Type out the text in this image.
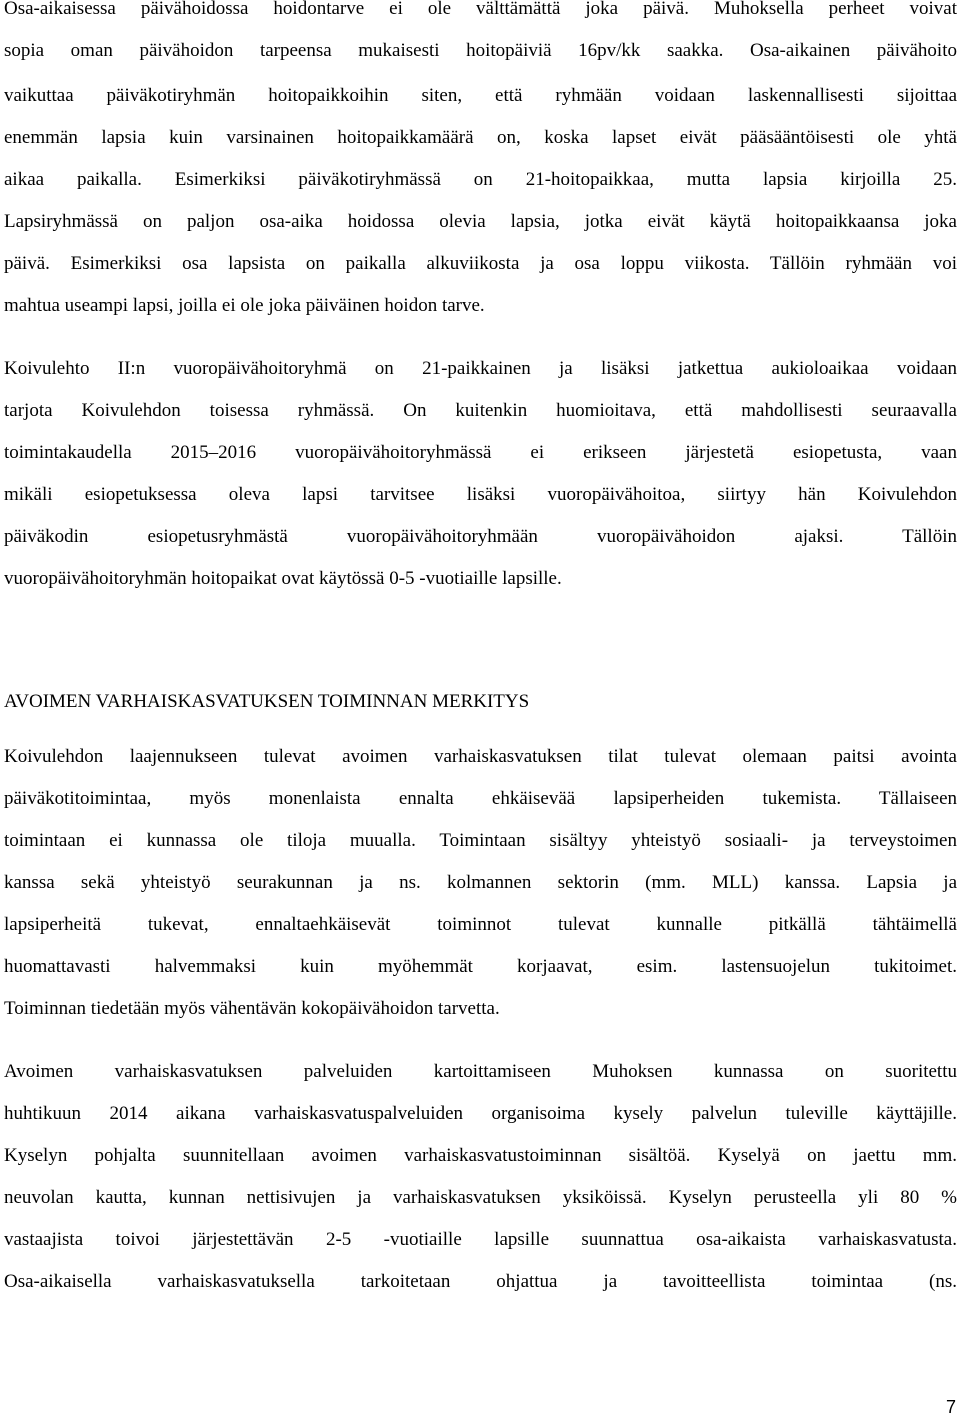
Osa-aikaisessa päivähoidossa hoidontarve ei ole välttämättä joka päivä. Muhoksella perheet voivat
sopia oman päivähoidon tarpeensa mukaisesti hoitopäiviä 16pv/kk saakka. Osa-aikainen päivähoito
vaikuttaa päiväkotiryhmän hoitopaikkoihin siten, että ryhmään voidaan laskennallisesti sijoittaa
enemmän lapsia kuin varsinainen hoitopaikkamäärä on, koska lapset eivät pääsääntöisesti ole yhtä
aikaa paikalla. Esimerkiksi päiväkotiryhmässä on 21-hoitopaikkaa, mutta lapsia kirjoilla 25.
Lapsiryhmässä on paljon osa-aika hoidossa olevia lapsia, jotka eivät käytä hoitopaikkaansa joka
päivä. Esimerkiksi osa lapsista on paikalla alkuviikosta ja osa loppu viikosta. Tällöin ryhmään voi
mahtua useampi lapsi, joilla ei ole joka päiväinen hoidon tarve.
Koivulehto II:n vuoropäivähoitoryhmä on 21-paikkainen ja lisäksi jatkettua aukioloaikaa voidaan
tarjota Koivulehdon toisessa ryhmässä. On kuitenkin huomioitava, että mahdollisesti seuraavalla
toimintakaudella 2015–2016 vuoropäivähoitoryhmässä ei erikseen järjestetä esiopetusta, vaan
mikäli esiopetuksessa oleva lapsi tarvitsee lisäksi vuoropäivähoitoa, siirtyy hän Koivulehdon
päiväkodin esiopetusryhmästä vuoropäivähoitoryhmään vuoropäivähoidon ajaksi. Tällöin
vuoropäivähoitoryhmän hoitopaikat ovat käytössä 0-5 -vuotiaille lapsille.
AVOIMEN VARHAISKASVATUKSEN TOIMINNAN MERKITYS
Koivulehdon laajennukseen tulevat avoimen varhaiskasvatuksen tilat tulevat olemaan paitsi avointa
päiväkotitoimintaa, myös monenlaista ennalta ehkäisevää lapsiperheiden tukemista. Tällaiseen
toimintaan ei kunnassa ole tiloja muualla. Toimintaan sisältyy yhteistyö sosiaali- ja terveystoimen
kanssa sekä yhteistyö seurakunnan ja ns. kolmannen sektorin (mm. MLL) kanssa. Lapsia ja
lapsiperheitä tukevat, ennaltaehkäisevät toiminnot tulevat kunnalle pitkällä tähtäimellä
huomattavasti halvemmaksi kuin myöhemmät korjaavat, esim. lastensuojelun tukitoimet.
Toiminnan tiedetään myös vähentävän kokopäivähoidon tarvetta.
Avoimen varhaiskasvatuksen palveluiden kartoittamiseen Muhoksen kunnassa on suoritettu
huhtikuun 2014 aikana varhaiskasvatuspalveluiden organisoima kysely palvelun tuleville käyttäjille.
Kyselyn pohjalta suunnitellaan avoimen varhaiskasvatustoiminnan sisältöä. Kyselyä on jaettu mm.
neuvolan kautta, kunnan nettisivujen ja varhaiskasvatuksen yksiköissä. Kyselyn perusteella yli 80 %
vastaajista toivoi järjestettävän 2-5 -vuotiaille lapsille suunnattua osa-aikaista varhaiskasvatusta.
Osa-aikaisella varhaiskasvatuksella tarkoitetaan ohjattua ja tavoitteellista toimintaa (ns.
7
